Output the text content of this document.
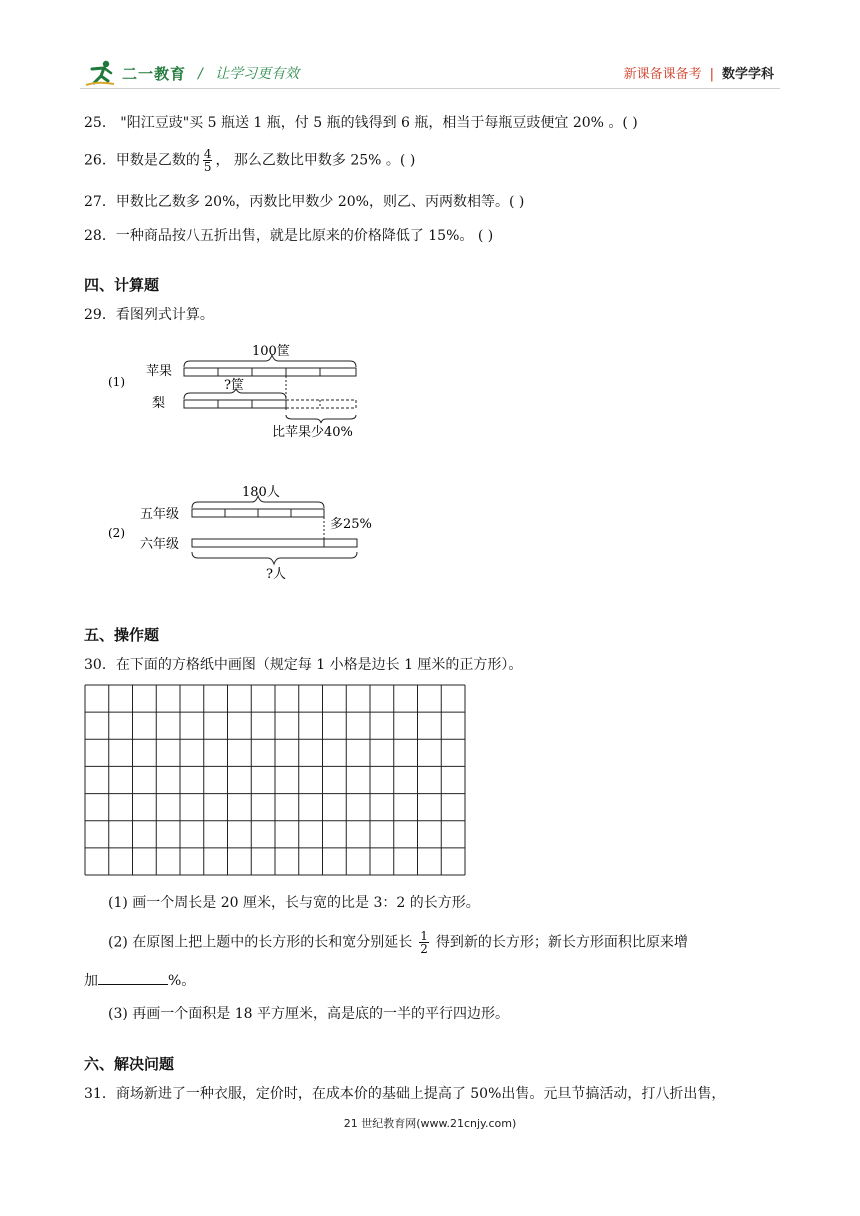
二一教育 / 让学习更有效	新课备课备考 | 数学学科
25． "阳江豆豉"买 5 瓶送 1 瓶，付 5 瓶的钱得到 6 瓶，相当于每瓶豆豉便宜 20% 。( )
26．甲数是乙数的 $\frac{4}{5}$ ， 那么乙数比甲数多 25% 。( )
27．甲数比乙数多 20%，丙数比甲数少 20%，则乙、丙两数相等。( )
28．一种商品按八五折出售，就是比原来的价格降低了 15%。 ( )
四、计算题
29．看图列式计算。
(1)
苹果
梨
100筐
?筐
比苹果少40%
(2)
五年级
六年级
180人
多25%
?人
五、操作题
30．在下面的方格纸中画图（规定每 1 小格是边长 1 厘米的正方形）。
(1) 画一个周长是 20 厘米，长与宽的比是 3：2 的长方形。
(2) 在原图上把上题中的长方形的长和宽分别延长 $\frac{1}{2}$ 得到新的长方形；新长方形面积比原来增
加	%。
(3) 再画一个面积是 18 平方厘米，高是底的一半的平行四边形。
六、解决问题
31．商场新进了一种衣服，定价时，在成本价的基础上提高了 50%出售。元旦节搞活动，打八折出售，
21 世纪教育网(www.21cnjy.com)
